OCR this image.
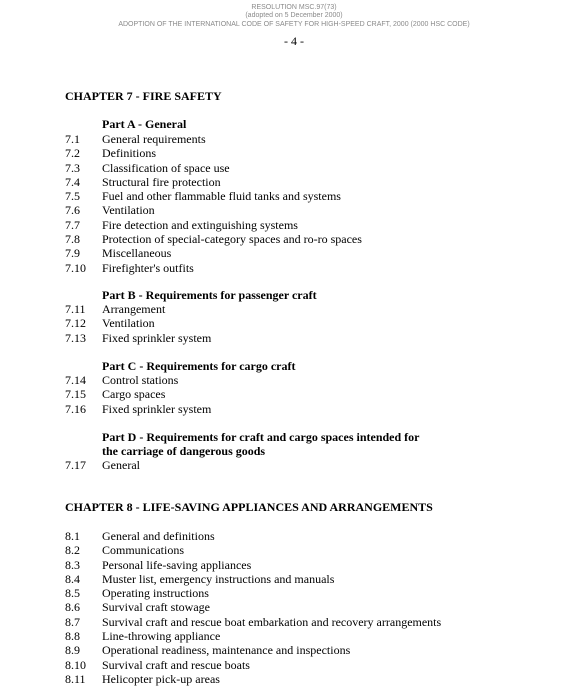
RESOLUTION MSC.97(73)
(adopted on 5 December 2000)
ADOPTION OF THE INTERNATIONAL CODE OF SAFETY FOR HIGH-SPEED CRAFT, 2000 (2000 HSC CODE)
- 4 -
CHAPTER 7 - FIRE SAFETY
Part A - General
7.1 General requirements
7.2 Definitions
7.3 Classification of space use
7.4 Structural fire protection
7.5 Fuel and other flammable fluid tanks and systems
7.6 Ventilation
7.7 Fire detection and extinguishing systems
7.8 Protection of special-category spaces and ro-ro spaces
7.9 Miscellaneous
7.10 Firefighter's outfits
Part B - Requirements for passenger craft
7.11 Arrangement
7.12 Ventilation
7.13 Fixed sprinkler system
Part C - Requirements for cargo craft
7.14 Control stations
7.15 Cargo spaces
7.16 Fixed sprinkler system
Part D - Requirements for craft and cargo spaces intended for
the carriage of dangerous goods
7.17 General
CHAPTER 8 - LIFE-SAVING APPLIANCES AND ARRANGEMENTS
8.1 General and definitions
8.2 Communications
8.3 Personal life-saving appliances
8.4 Muster list, emergency instructions and manuals
8.5 Operating instructions
8.6 Survival craft stowage
8.7 Survival craft and rescue boat embarkation and recovery arrangements
8.8 Line-throwing appliance
8.9 Operational readiness, maintenance and inspections
8.10 Survival craft and rescue boats
8.11 Helicopter pick-up areas
